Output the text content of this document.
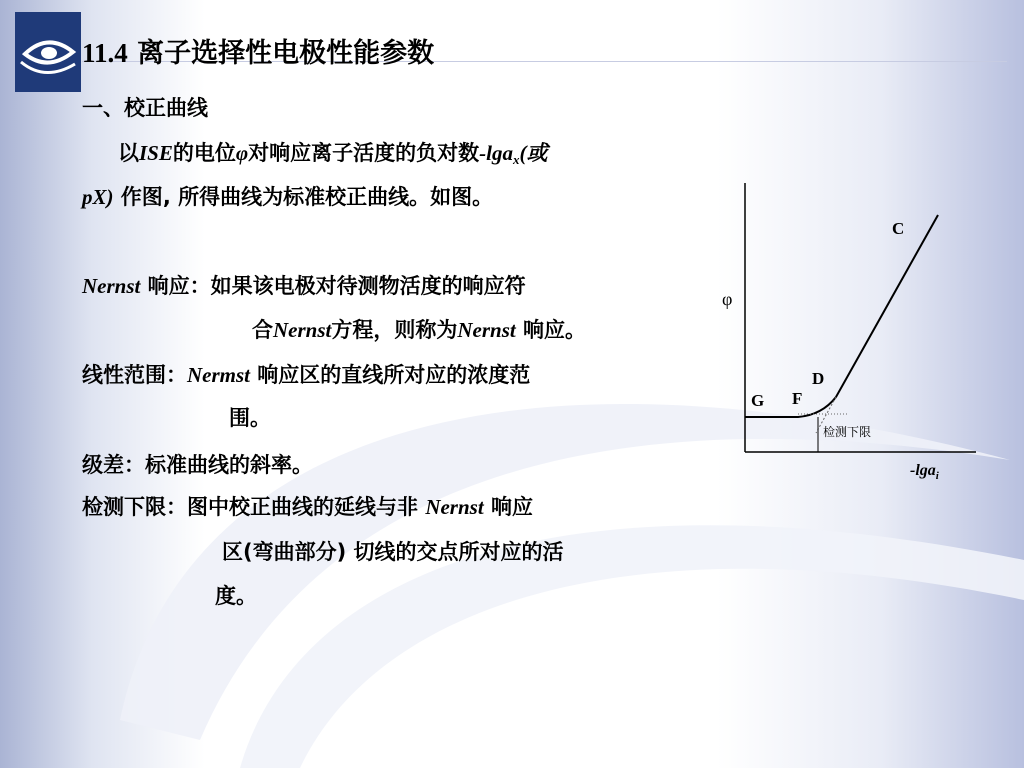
11.4 离子选择性电极性能参数
一、校正曲线
以ISE的电位φ对响应离子活度的负对数-lga$_x$(或
pX) 作图, 所得曲线为标准校正曲线。如图。
Nernst 响应：如果该电极对待测物活度的响应符
合Nernst方程，则称为Nernst 响应。
线性范围：Nermst 响应区的直线所对应的浓度范
围。
级差：标准曲线的斜率。
检测下限：图中校正曲线的延线与非 Nernst 响应
区(弯曲部分) 切线的交点所对应的活
度。
φ
C
D
F
G
检测下限
-lga$_i$
